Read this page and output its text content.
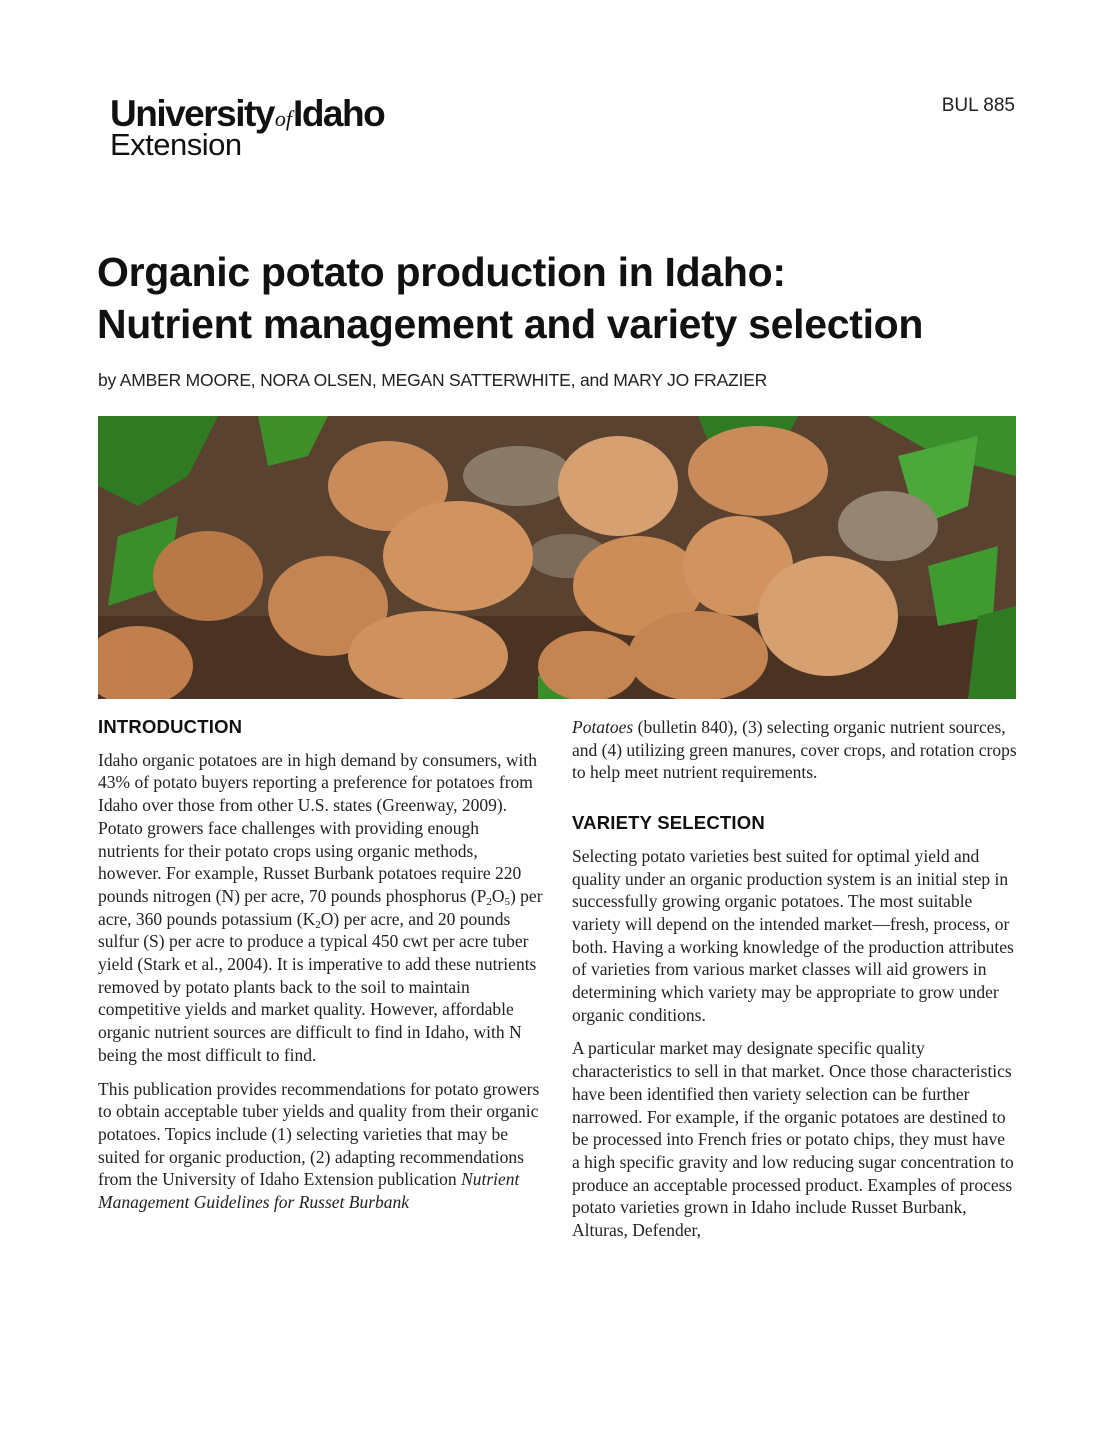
UniversityofIdaho
Extension
BUL 885
Organic potato production in Idaho:
Nutrient management and variety selection
by AMBER MOORE, NORA OLSEN, MEGAN SATTERWHITE, and MARY JO FRAZIER
INTRODUCTION

Idaho organic potatoes are in high demand by consumers, with 43% of potato buyers reporting a preference for potatoes from Idaho over those from other U.S. states (Greenway, 2009). Potato growers face challenges with providing enough nutrients for their potato crops using organic methods, however. For example, Russet Burbank potatoes require 220 pounds nitrogen (N) per acre, 70 pounds phosphorus $(P_2O_5)$ per acre, 360 pounds potassium $(K_2O)$ per acre, and 20 pounds sulfur (S) per acre to produce a typical 450 cwt per acre tuber yield (Stark et al., 2004). It is imperative to add these nutrients removed by potato plants back to the soil to maintain competitive yields and market quality. However, affordable organic nutrient sources are difficult to find in Idaho, with N being the most difficult to find.

This publication provides recommendations for potato growers to obtain acceptable tuber yields and quality from their organic potatoes. Topics include (1) selecting varieties that may be suited for organic production, (2) adapting recommendations from the University of Idaho Extension publication Nutrient Management Guidelines for Russet Burbank

Potatoes (bulletin 840), (3) selecting organic nutrient sources, and (4) utilizing green manures, cover crops, and rotation crops to help meet nutrient requirements.

VARIETY SELECTION

Selecting potato varieties best suited for optimal yield and quality under an organic production system is an initial step in successfully growing organic potatoes. The most suitable variety will depend on the intended market—fresh, process, or both. Having a working knowledge of the production attributes of varieties from various market classes will aid growers in determining which variety may be appropriate to grow under organic conditions.

A particular market may designate specific quality characteristics to sell in that market. Once those characteristics have been identified then variety selection can be further narrowed. For example, if the organic potatoes are destined to be processed into French fries or potato chips, they must have a high specific gravity and low reducing sugar concentration to produce an acceptable processed product. Examples of process potato varieties grown in Idaho include Russet Burbank, Alturas, Defender,
